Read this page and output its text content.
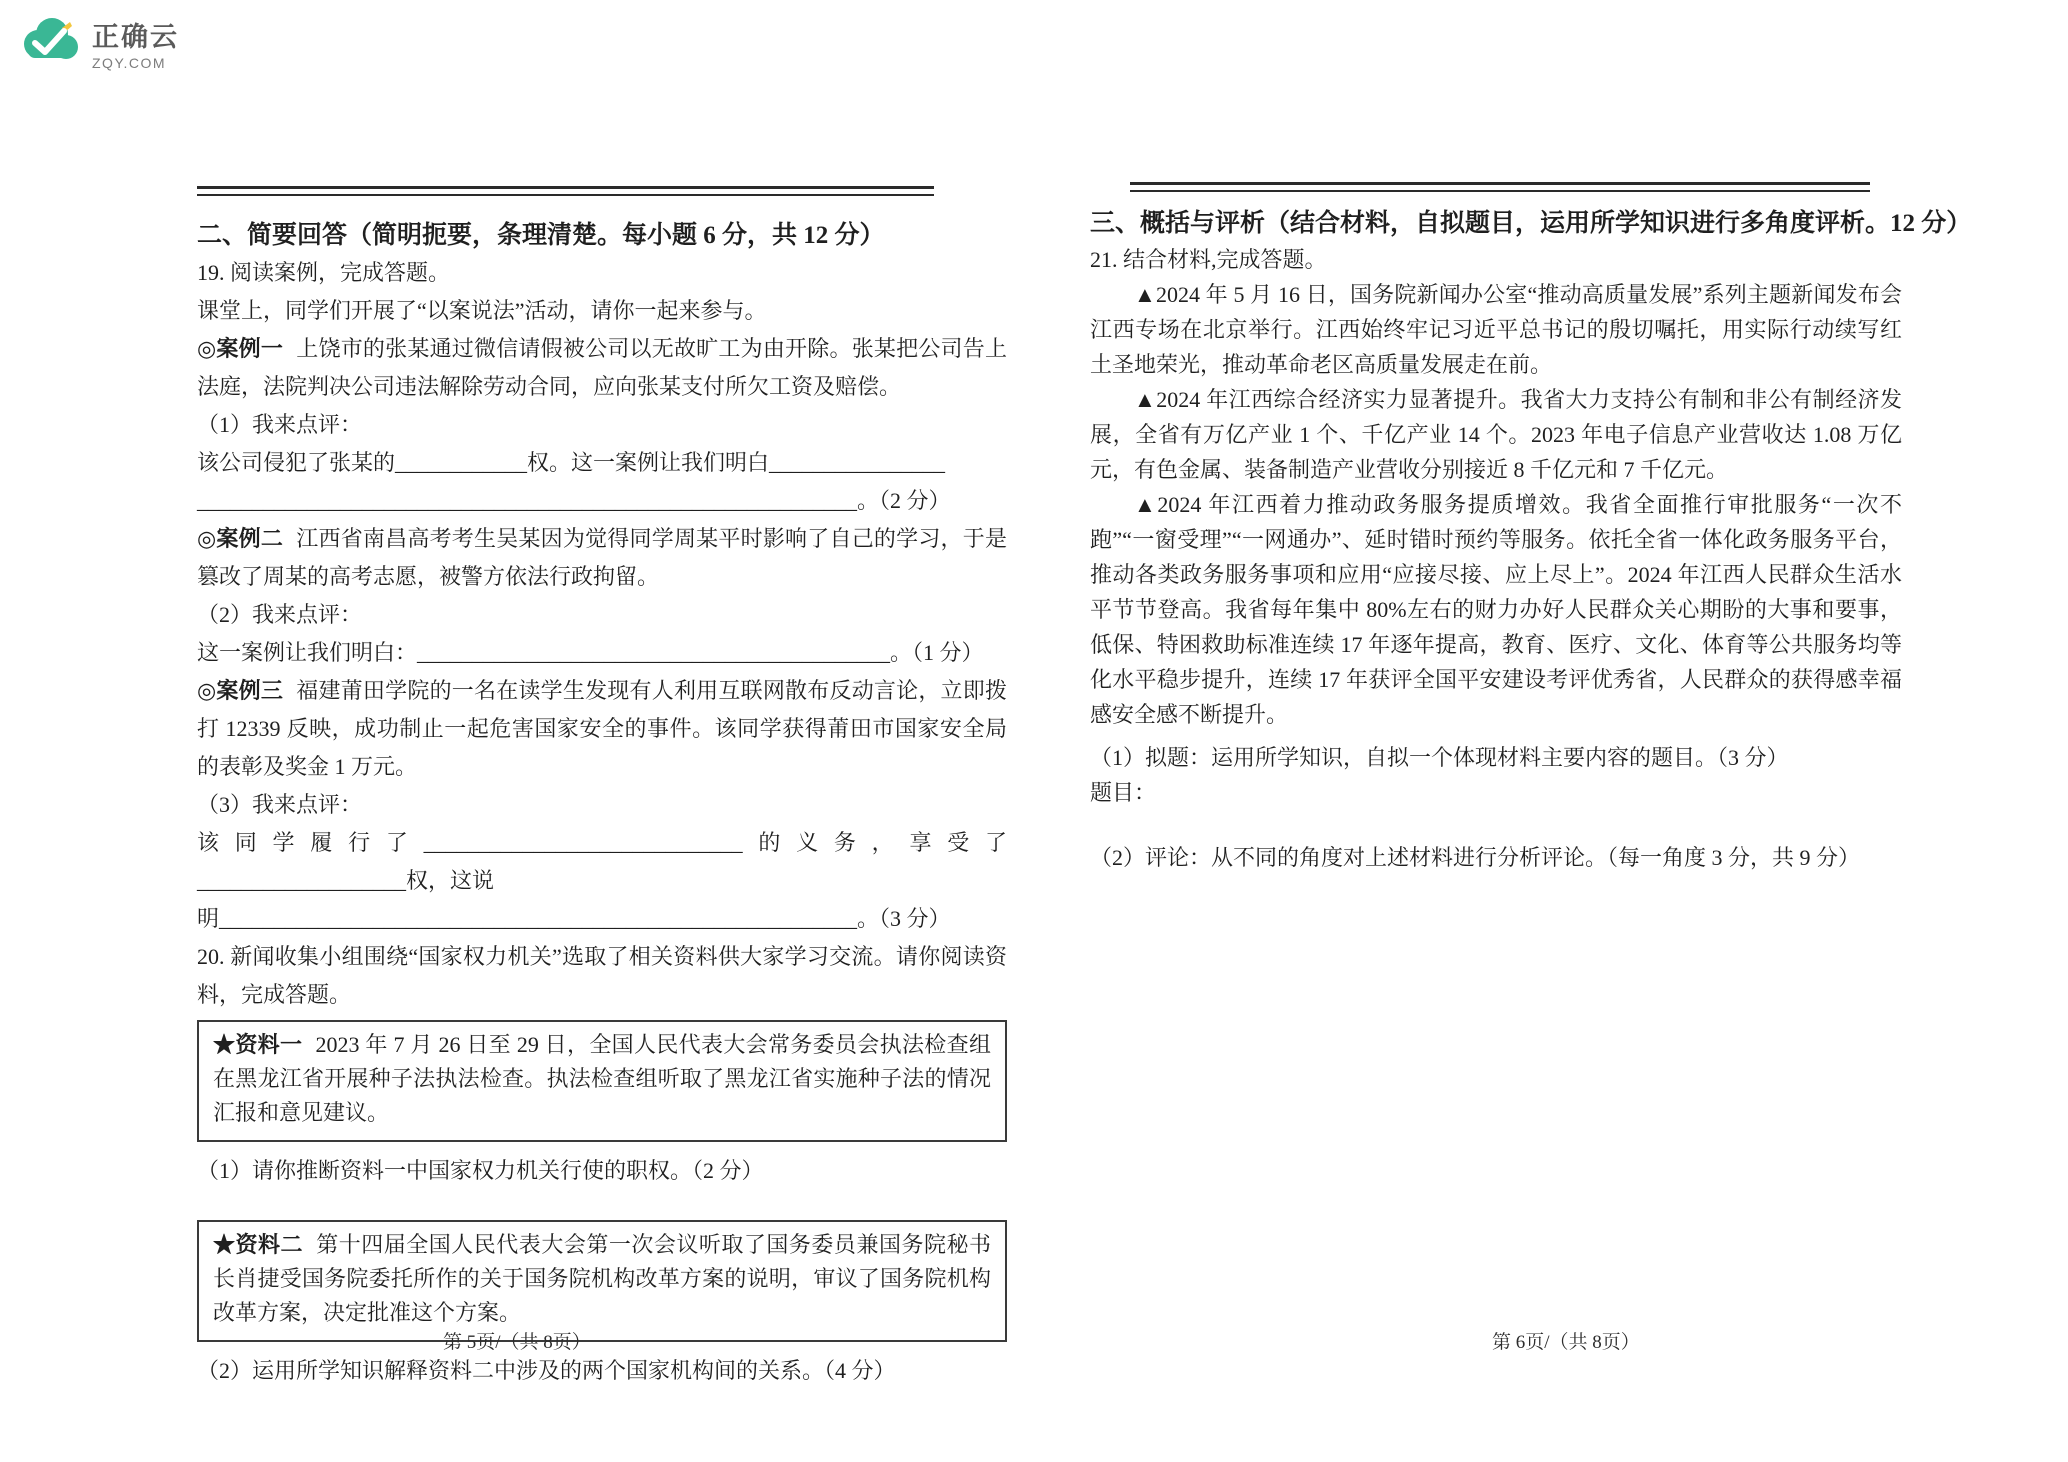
正确云
ZQY.COM
二、简要回答（简明扼要，条理清楚。每小题 6 分，共 12 分）
19. 阅读案例，完成答题。
课堂上，同学们开展了“以案说法”活动，请你一起来参与。
◎案例一 上饶市的张某通过微信请假被公司以无故旷工为由开除。张某把公司告上法庭，法院判决公司违法解除劳动合同，应向张某支付所欠工资及赔偿。
（1）我来点评：
该公司侵犯了张某的____________权。这一案例让我们明白________________
____________________________________________________________。（2 分）
◎案例二 江西省南昌高考考生吴某因为觉得同学周某平时影响了自己的学习，于是篡改了周某的高考志愿，被警方依法行政拘留。
（2）我来点评：
这一案例让我们明白：___________________________________________。（1 分）
◎案例三 福建莆田学院的一名在读学生发现有人利用互联网散布反动言论，立即拨打 12339 反映，成功制止一起危害国家安全的事件。该同学获得莆田市国家安全局的表彰及奖金 1 万元。
（3）我来点评：
该同学履行了_____________________________的义务，享受了___________________权，这说
明__________________________________________________________。（3 分）
20. 新闻收集小组围绕“国家权力机关”选取了相关资料供大家学习交流。请你阅读资料，完成答题。
★资料一 2023 年 7 月 26 日至 29 日，全国人民代表大会常务委员会执法检查组在黑龙江省开展种子法执法检查。执法检查组听取了黑龙江省实施种子法的情况汇报和意见建议。
（1）请你推断资料一中国家权力机关行使的职权。（2 分）
★资料二 第十四届全国人民代表大会第一次会议听取了国务委员兼国务院秘书长肖捷受国务院委托所作的关于国务院机构改革方案的说明，审议了国务院机构改革方案，决定批准这个方案。
（2）运用所学知识解释资料二中涉及的两个国家机构间的关系。（4 分）
三、概括与评析（结合材料，自拟题目，运用所学知识进行多角度评析。12 分）
21. 结合材料,完成答题。
▲2024 年 5 月 16 日，国务院新闻办公室“推动高质量发展”系列主题新闻发布会江西专场在北京举行。江西始终牢记习近平总书记的殷切嘱托，用实际行动续写红土圣地荣光，推动革命老区高质量发展走在前。
▲2024 年江西综合经济实力显著提升。我省大力支持公有制和非公有制经济发展，全省有万亿产业 1 个、千亿产业 14 个。2023 年电子信息产业营收达 1.08 万亿元，有色金属、装备制造产业营收分别接近 8 千亿元和 7 千亿元。
▲2024 年江西着力推动政务服务提质增效。我省全面推行审批服务“一次不跑”“一窗受理”“一网通办”、延时错时预约等服务。依托全省一体化政务服务平台，推动各类政务服务事项和应用“应接尽接、应上尽上”。2024 年江西人民群众生活水平节节登高。我省每年集中 80%左右的财力办好人民群众关心期盼的大事和要事，低保、特困救助标准连续 17 年逐年提高，教育、医疗、文化、体育等公共服务均等化水平稳步提升，连续 17 年获评全国平安建设考评优秀省，人民群众的获得感幸福感安全感不断提升。
（1）拟题：运用所学知识，自拟一个体现材料主要内容的题目。（3 分）
题目：
（2）评论：从不同的角度对上述材料进行分析评论。（每一角度 3 分，共 9 分）
第 5页/（共 8页）	第 6页/（共 8页）
